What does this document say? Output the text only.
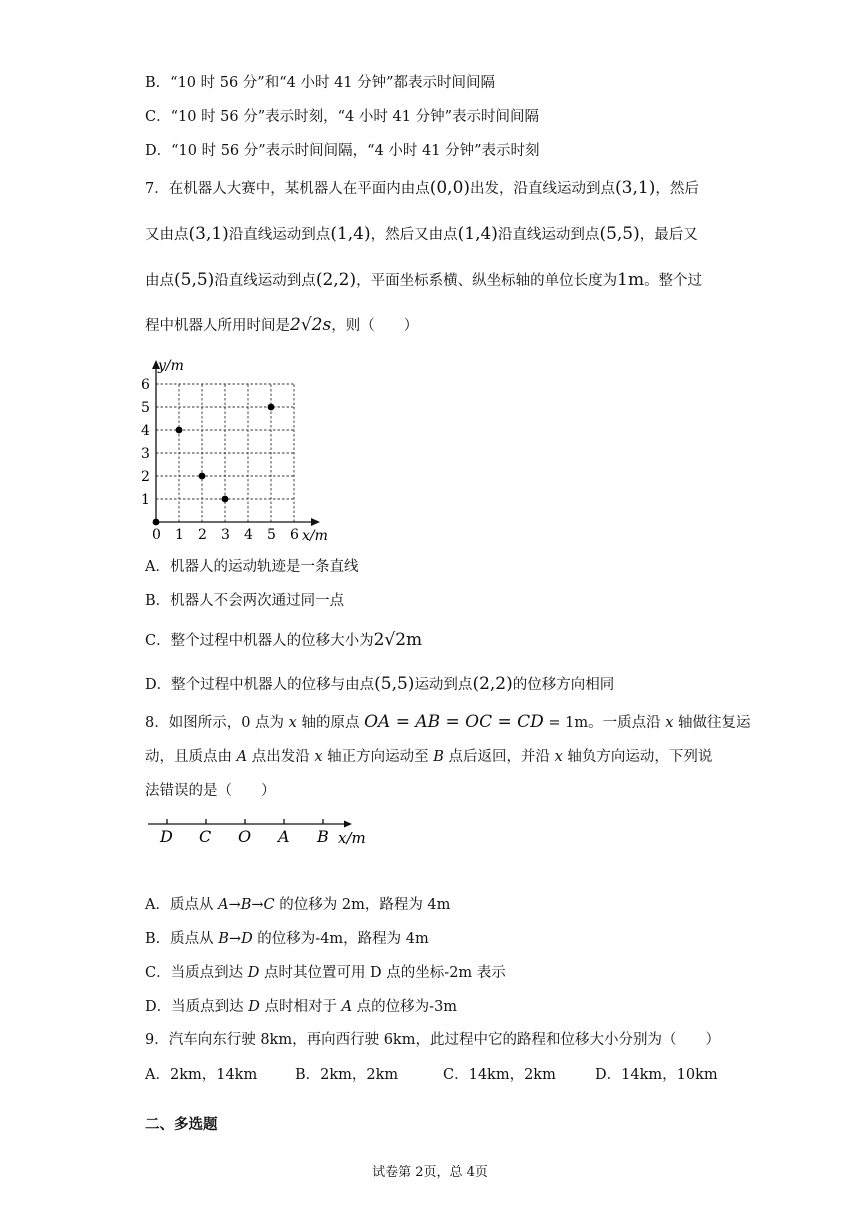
B．“10 时 56 分”和“4 小时 41 分钟”都表示时间间隔
C．“10 时 56 分”表示时刻，“4 小时 41 分钟”表示时间间隔
D．“10 时 56 分”表示时间间隔，“4 小时 41 分钟”表示时刻
7．在机器人大赛中，某机器人在平面内由点(0,0)出发，沿直线运动到点(3,1)，然后
又由点(3,1)沿直线运动到点(1,4)，然后又由点(1,4)沿直线运动到点(5,5)，最后又
由点(5,5)沿直线运动到点(2,2)，平面坐标系横、纵坐标轴的单位长度为1m。整个过
程中机器人所用时间是2√2s，则（　　）
0 1 2 3 4 5 6
1
2
3
4
5
6
x/m
y/m
A．机器人的运动轨迹是一条直线
B．机器人不会两次通过同一点
C．整个过程中机器人的位移大小为2√2m
D．整个过程中机器人的位移与由点(5,5)运动到点(2,2)的位移方向相同
8．如图所示，0 点为 x 轴的原点 OA = AB = OC = CD = 1m。一质点沿 x 轴做往复运
动，且质点由 A 点出发沿 x 轴正方向运动至 B 点后返回，并沿 x 轴负方向运动，下列说
法错误的是（　　）
D C O A B x/m
A．质点从 A→B→C 的位移为 2m，路程为 4m
B．质点从 B→D 的位移为-4m，路程为 4m
C．当质点到达 D 点时其位置可用 D 点的坐标-2m 表示
D．当质点到达 D 点时相对于 A 点的位移为-3m
9．汽车向东行驶 8km，再向西行驶 6km，此过程中它的路程和位移大小分别为（　　）
A．2km，14km	B．2km，2km	C．14km，2km	D．14km，10km
二、多选题
试卷第 2页，总 4页
